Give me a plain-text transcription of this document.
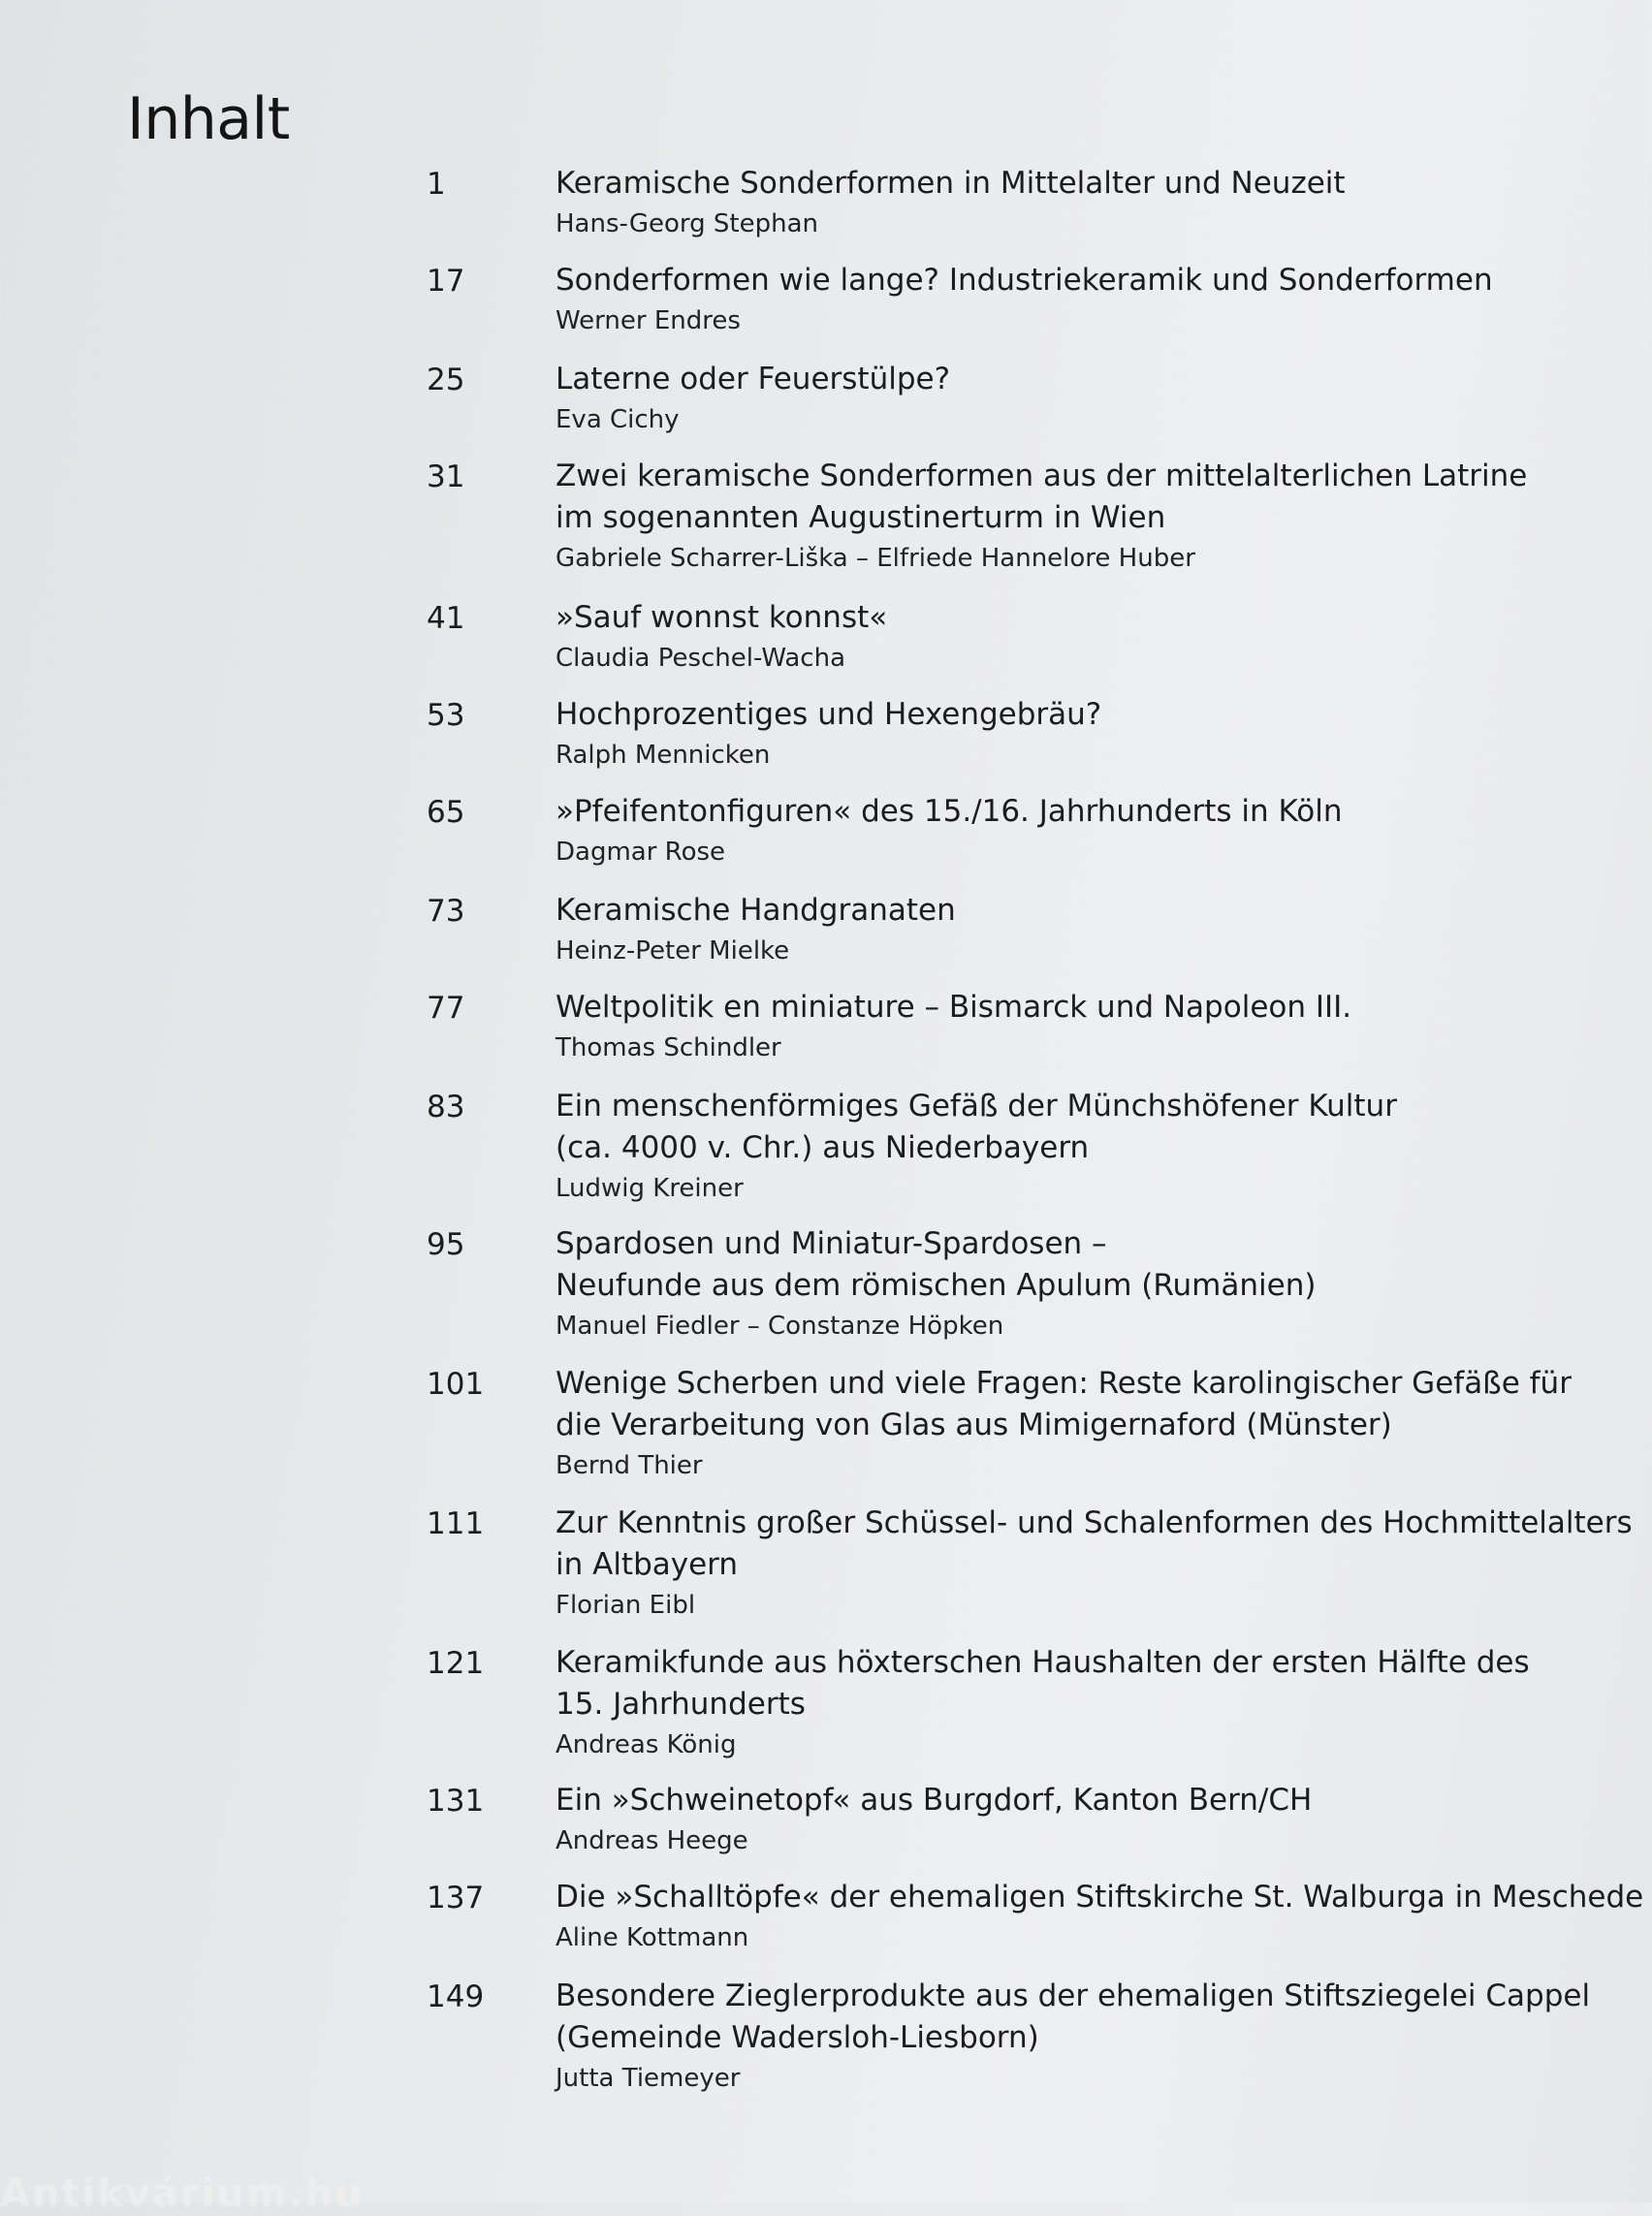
Inhalt
1	Keramische Sonderformen in Mittelalter und Neuzeit
Hans-Georg Stephan
17	Sonderformen wie lange? Industriekeramik und Sonderformen
Werner Endres
25	Laterne oder Feuerstülpe?
Eva Cichy
31	Zwei keramische Sonderformen aus der mittelalterlichen Latrine
im sogenannten Augustinerturm in Wien
Gabriele Scharrer-Liška – Elfriede Hannelore Huber
41	»Sauf wonnst konnst«
Claudia Peschel-Wacha
53	Hochprozentiges und Hexengebräu?
Ralph Mennicken
65	»Pfeifentonfiguren« des 15./16. Jahrhunderts in Köln
Dagmar Rose
73	Keramische Handgranaten
Heinz-Peter Mielke
77	Weltpolitik en miniature – Bismarck und Napoleon III.
Thomas Schindler
83	Ein menschenförmiges Gefäß der Münchshöfener Kultur
(ca. 4000 v. Chr.) aus Niederbayern
Ludwig Kreiner
95	Spardosen und Miniatur-Spardosen –
Neufunde aus dem römischen Apulum (Rumänien)
Manuel Fiedler – Constanze Höpken
101 Wenige Scherben und viele Fragen: Reste karolingischer Gefäße für
die Verarbeitung von Glas aus Mimigernaford (Münster)
Bernd Thier
111 Zur Kenntnis großer Schüssel- und Schalenformen des Hochmittelalters
in Altbayern
Florian Eibl
121 Keramikfunde aus höxterschen Haushalten der ersten Hälfte des
15. Jahrhunderts
Andreas König
131 Ein »Schweinetopf« aus Burgdorf, Kanton Bern/CH
Andreas Heege
137 Die »Schalltöpfe« der ehemaligen Stiftskirche St. Walburga in Meschede
Aline Kottmann
149 Besondere Zieglerprodukte aus der ehemaligen Stiftsziegelei Cappel
(Gemeinde Wadersloh-Liesborn)
Jutta Tiemeyer
Antikvárium.hu
